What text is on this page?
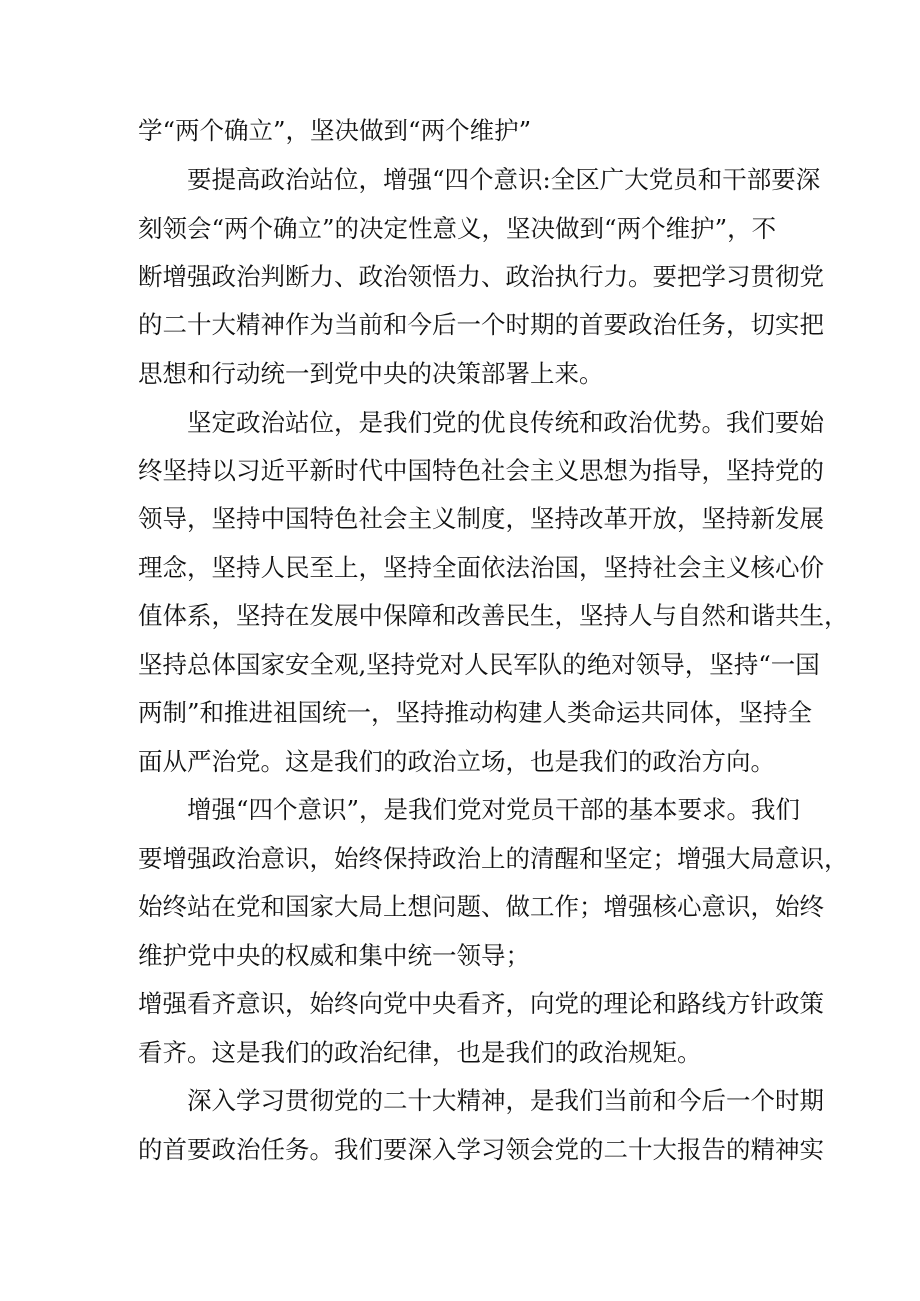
学“两个确立”，坚决做到“两个维护”
要提高政治站位，增强“四个意识:全区广大党员和干部要深
刻领会“两个确立”的决定性意义，坚决做到“两个维护”，不
断增强政治判断力、政治领悟力、政治执行力。要把学习贯彻党
的二十大精神作为当前和今后一个时期的首要政治任务，切实把
思想和行动统一到党中央的决策部署上来。
坚定政治站位，是我们党的优良传统和政治优势。我们要始
终坚持以习近平新时代中国特色社会主义思想为指导，坚持党的
领导，坚持中国特色社会主义制度，坚持改革开放，坚持新发展
理念，坚持人民至上，坚持全面依法治国，坚持社会主义核心价
值体系，坚持在发展中保障和改善民生，坚持人与自然和谐共生，
坚持总体国家安全观,坚持党对人民军队的绝对领导，坚持“一国
两制”和推进祖国统一，坚持推动构建人类命运共同体，坚持全
面从严治党。这是我们的政治立场，也是我们的政治方向。
增强“四个意识”，是我们党对党员干部的基本要求。我们
要增强政治意识，始终保持政治上的清醒和坚定；增强大局意识，
始终站在党和国家大局上想问题、做工作；增强核心意识，始终
维护党中央的权威和集中统一领导；
增强看齐意识，始终向党中央看齐，向党的理论和路线方针政策
看齐。这是我们的政治纪律，也是我们的政治规矩。
深入学习贯彻党的二十大精神，是我们当前和今后一个时期
的首要政治任务。我们要深入学习领会党的二十大报告的精神实
